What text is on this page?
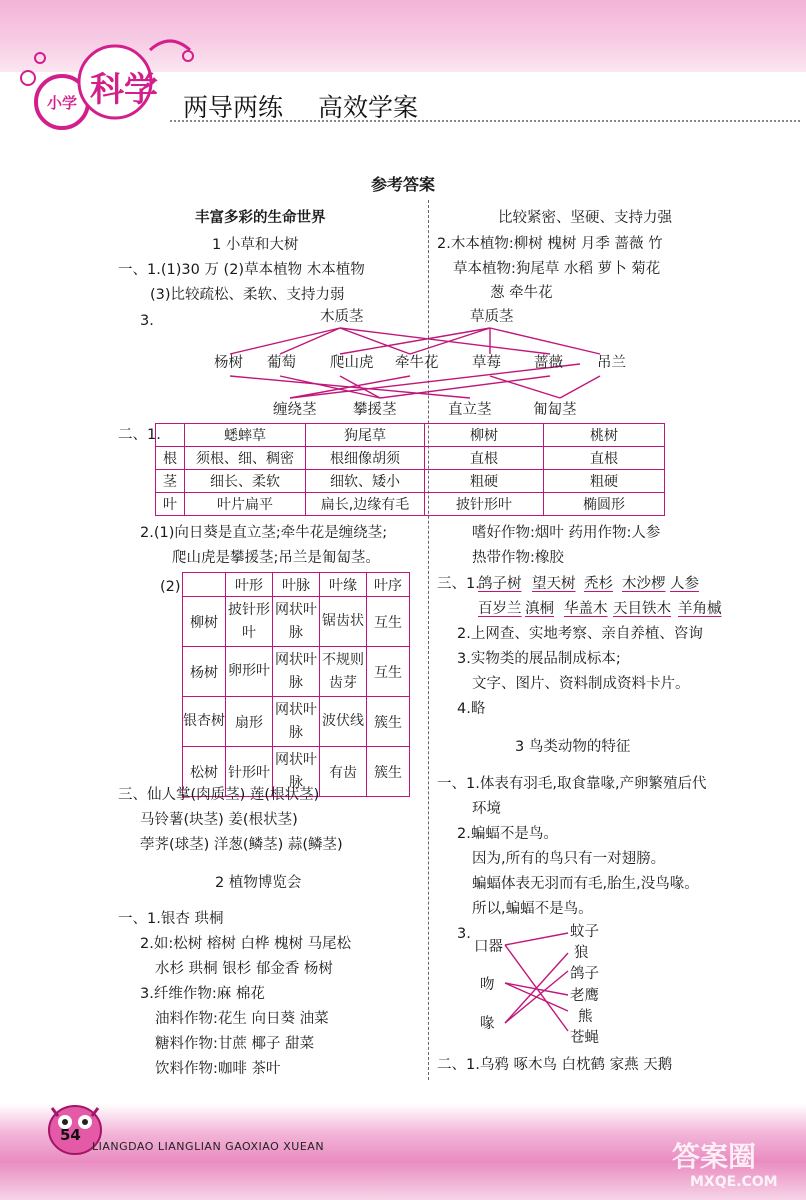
小学 科学 两导两练 高效学案
参考答案
丰富多彩的生命世界
1 小草和大树
一、1.(1)30 万 (2)草本植物 木本植物
(3)比较疏松、柔软、支持力弱
3.	木质茎	草质茎
杨树 葡萄 爬山虎 牵牛花 草莓 蔷薇 吊兰
缠绕茎	攀援茎	直立茎	匍匐茎
二、1.
		蟋蟀草	狗尾草	柳树	桃树
根	须根、细、稠密	根细像胡须	直根	直根
茎	细长、柔软	细软、矮小	粗硬	粗硬
叶	叶片扁平	扁长,边缘有毛	披针形叶	椭圆形
2.(1)向日葵是直立茎;牵牛花是缠绕茎;
爬山虎是攀援茎;吊兰是匍匐茎。
(2)
		叶形	叶脉	叶缘	叶序
柳树	披针形叶	网状叶脉	锯齿状	互生
杨树	卵形叶	网状叶脉	不规则齿芽	互生
银杏树	扇形	网状叶脉	波伏线	簇生
松树	针形叶	网状叶脉	有齿	簇生
三、仙人掌(肉质茎) 莲(根状茎)
马铃薯(块茎) 姜(根状茎)
荸荠(球茎) 洋葱(鳞茎) 蒜(鳞茎)
2 植物博览会
一、1.银杏 珙桐
2.如:松树 榕树 白桦 槐树 马尾松
水杉 珙桐 银杉 郁金香 杨树
3.纤维作物:麻 棉花
油料作物:花生 向日葵 油菜
糖料作物:甘蔗 椰子 甜菜
饮料作物:咖啡 茶叶
比较紧密、坚硬、支持力强
2.木本植物:柳树 槐树 月季 蔷薇 竹
草本植物:狗尾草 水稻 萝卜 菊花
葱 牵牛花
嗜好作物:烟叶 药用作物:人参
热带作物:橡胶
三、1.
鸽子树 望天树 秃杉 木沙椤 人参
百岁兰 滇桐 华盖木 天目铁木 羊角槭
2.上网查、实地考察、亲自养植、咨询
3.实物类的展品制成标本;
文字、图片、资料制成资料卡片。
4.略
3 鸟类动物的特征
一、1.体表有羽毛,取食靠喙,产卵繁殖后代
环境
2.蝙蝠不是鸟。
因为,所有的鸟只有一对翅膀。
蝙蝠体表无羽而有毛,胎生,没鸟喙。
所以,蝙蝠不是鸟。
3.
口器
吻
喙
蚊子
狼
鸽子
老鹰
熊
苍蝇
二、1.乌鸦 啄木鸟 白枕鹤 家燕 天鹅
54
LIANGDAO LIANGLIAN GAOXIAO XUEAN	答案圈
MXQE.COM
